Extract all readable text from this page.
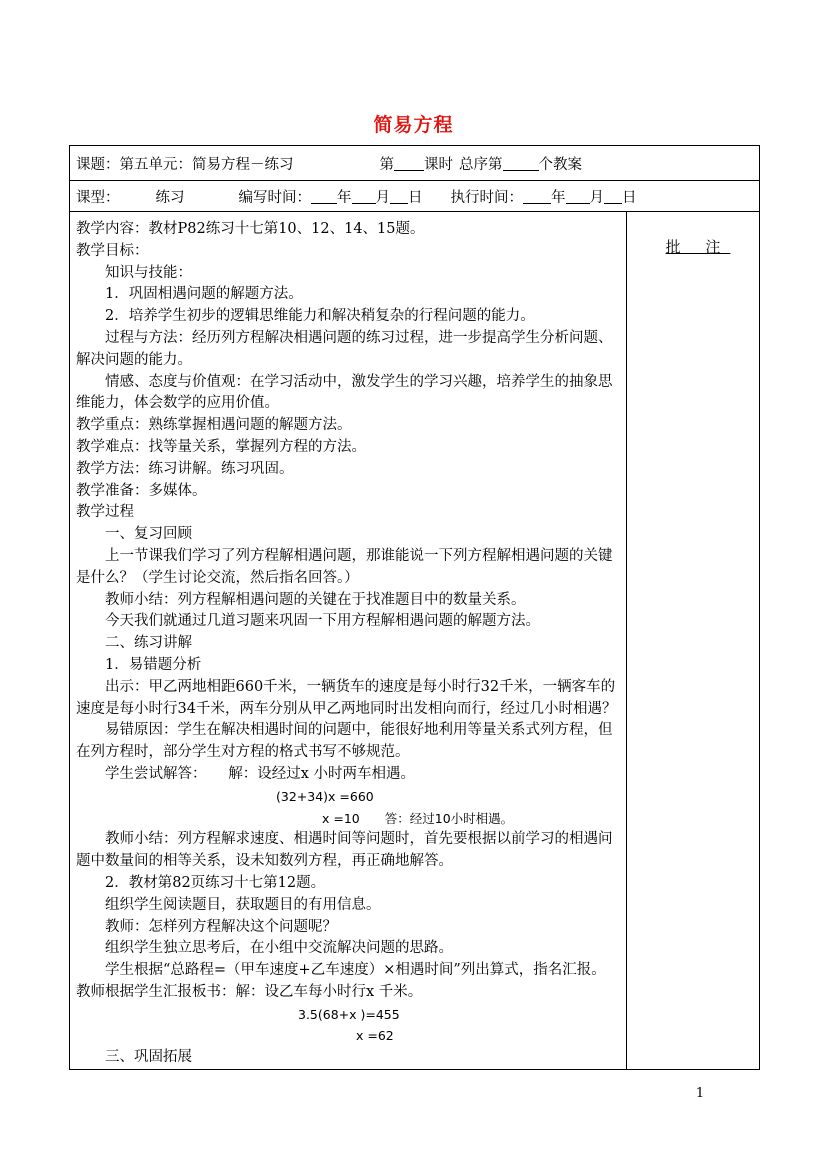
简易方程
课题：第五单元：简易方程－练习	第 课时 总序第 个教案

课型： 练习	编写时间： 年 月 日 执行时间： 年 月 日

教学内容：教材P82练习十七第10、12、14、15题。

教学目标：

知识与技能：

1．巩固相遇问题的解题方法。

2．培养学生初步的逻辑思维能力和解决稍复杂的行程问题的能力。

过程与方法：经历列方程解决相遇问题的练习过程，进一步提高学生分析问题、解决问题的能力。

情感、态度与价值观：在学习活动中，激发学生的学习兴趣，培养学生的抽象思维能力，体会数学的应用价值。

教学重点：熟练掌握相遇问题的解题方法。

教学难点：找等量关系，掌握列方程的方法。

教学方法：练习讲解。练习巩固。

教学准备：多媒体。

教学过程

一、复习回顾

上一节课我们学习了列方程解相遇问题，那谁能说一下列方程解相遇问题的关键是什么？（学生讨论交流，然后指名回答。）

教师小结：列方程解相遇问题的关键在于找准题目中的数量关系。

今天我们就通过几道习题来巩固一下用方程解相遇问题的解题方法。

二、练习讲解

1．易错题分析

出示：甲乙两地相距660千米，一辆货车的速度是每小时行32千米，一辆客车的速度是每小时行34千米，两车分别从甲乙两地同时出发相向而行，经过几小时相遇？

易错原因：学生在解决相遇时间的问题中，能很好地利用等量关系式列方程，但在列方程时，部分学生对方程的格式书写不够规范。

学生尝试解答：　　解：设经过x 小时两车相遇。

(32+34)x =660

x =10　　答：经过10小时相遇。

教师小结：列方程解求速度、相遇时间等问题时，首先要根据以前学习的相遇问题中数量间的相等关系，设未知数列方程，再正确地解答。

2．教材第82页练习十七第12题。

组织学生阅读题目，获取题目的有用信息。

教师：怎样列方程解决这个问题呢？

组织学生独立思考后，在小组中交流解决问题的思路。

学生根据“总路程=（甲车速度+乙车速度）×相遇时间”列出算式，指名汇报。

教师根据学生汇报板书：解：设乙车每小时行x 千米。

3.5(68+x )=455

x =62

三、巩固拓展

批 注
1
